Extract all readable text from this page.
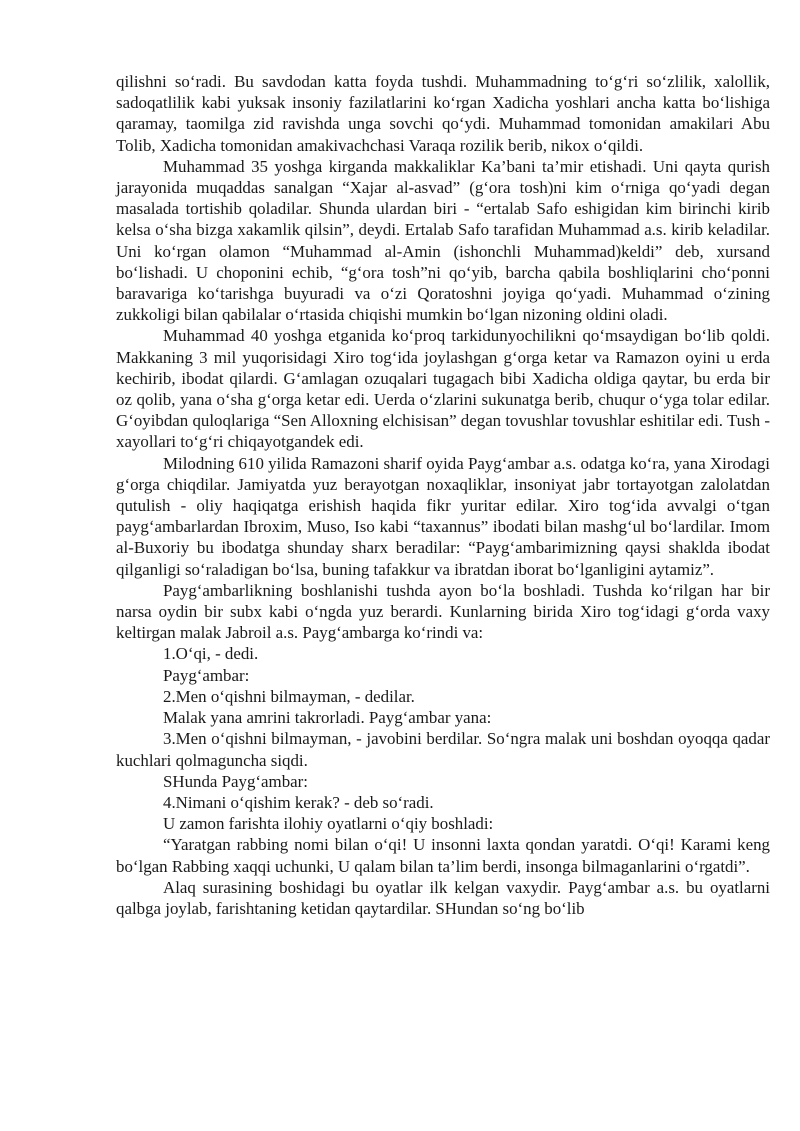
qilishni so‘radi. Bu savdodan katta foyda tushdi. Muhammadning to‘g‘ri so‘zlilik, xalollik, sadoqatlilik kabi yuksak insoniy fazilatlarini ko‘rgan Xadicha yoshlari ancha katta bo‘lishiga qaramay, taomilga zid ravishda unga sovchi qo‘ydi. Muhammad tomonidan amakilari Abu Tolib, Xadicha tomonidan amakivachchasi Varaqa rozilik berib, nikox o‘qildi.

Muhammad 35 yoshga kirganda makkaliklar Ka’bani ta’mir etishadi. Uni qayta qurish jarayonida muqaddas sanalgan “Xajar al-asvad” (g‘ora tosh)ni kim o‘rniga qo‘yadi degan masalada tortishib qoladilar. Shunda ulardan biri - “ertalab Safo eshigidan kim birinchi kirib kelsa o‘sha bizga xakamlik qilsin”, deydi. Ertalab Safo tarafidan Muhammad a.s. kirib keladilar. Uni ko‘rgan olamon “Muhammad al-Amin (ishonchli Muhammad)keldi” deb, xursand bo‘lishadi. U choponini echib, “g‘ora tosh”ni qo‘yib, barcha qabila boshliqlarini cho‘ponni baravariga ko‘tarishga buyuradi va o‘zi Qoratoshni joyiga qo‘yadi. Muhammad o‘zining zukkoligi bilan qabilalar o‘rtasida chiqishi mumkin bo‘lgan nizoning oldini oladi.

Muhammad 40 yoshga etganida ko‘proq tarkidunyochilikni qo‘msaydigan bo‘lib qoldi. Makkaning 3 mil yuqorisidagi Xiro tog‘ida joylashgan g‘orga ketar va Ramazon oyini u erda kechirib, ibodat qilardi. G‘amlagan ozuqalari tugagach bibi Xadicha oldiga qaytar, bu erda bir oz qolib, yana o‘sha g‘orga ketar edi. Uerda o‘zlarini sukunatga berib, chuqur o‘yga tolar edilar. G‘oyibdan quloqlariga “Sen Alloxning elchisisan” degan tovushlar tovushlar eshitilar edi. Tush - xayollari to‘g‘ri chiqayotgandek edi.

Milodning 610 yilida Ramazoni sharif oyida Payg‘ambar a.s. odatga ko‘ra, yana Xirodagi g‘orga chiqdilar. Jamiyatda yuz berayotgan noxaqliklar, insoniyat jabr tortayotgan zalolatdan qutulish - oliy haqiqatga erishish haqida fikr yuritar edilar. Xiro tog‘ida avvalgi o‘tgan payg‘ambarlardan Ibroxim, Muso, Iso kabi “taxannus” ibodati bilan mashg‘ul bo‘lardilar. Imom al-Buxoriy bu ibodatga shunday sharx beradilar: “Payg‘ambarimizning qaysi shaklda ibodat qilganligi so‘raladigan bo‘lsa, buning tafakkur va ibratdan iborat bo‘lganligini aytamiz”.

Payg‘ambarlikning boshlanishi tushda ayon bo‘la boshladi. Tushda ko‘rilgan har bir narsa oydin bir subx kabi o‘ngda yuz berardi. Kunlarning birida Xiro tog‘idagi g‘orda vaxy keltirgan malak Jabroil a.s. Payg‘ambarga ko‘rindi va:

1.O‘qi, - dedi.

Payg‘ambar:

2.Men o‘qishni bilmayman, - dedilar.

Malak yana amrini takrorladi. Payg‘ambar yana:

3.Men o‘qishni bilmayman, - javobini berdilar. So‘ngra malak uni boshdan oyoqqa qadar kuchlari qolmaguncha siqdi.

SHunda Payg‘ambar:

4.Nimani o‘qishim kerak? - deb so‘radi.

U zamon farishta ilohiy oyatlarni o‘qiy boshladi:

“Yaratgan rabbing nomi bilan o‘qi! U insonni laxta qondan yaratdi. O‘qi! Karami keng bo‘lgan Rabbing xaqqi uchunki, U qalam bilan ta’lim berdi, insonga bilmaganlarini o‘rgatdi”.

Alaq surasining boshidagi bu oyatlar ilk kelgan vaxydir. Payg‘ambar a.s. bu oyatlarni qalbga joylab, farishtaning ketidan qaytardilar. SHundan so‘ng bo‘lib
